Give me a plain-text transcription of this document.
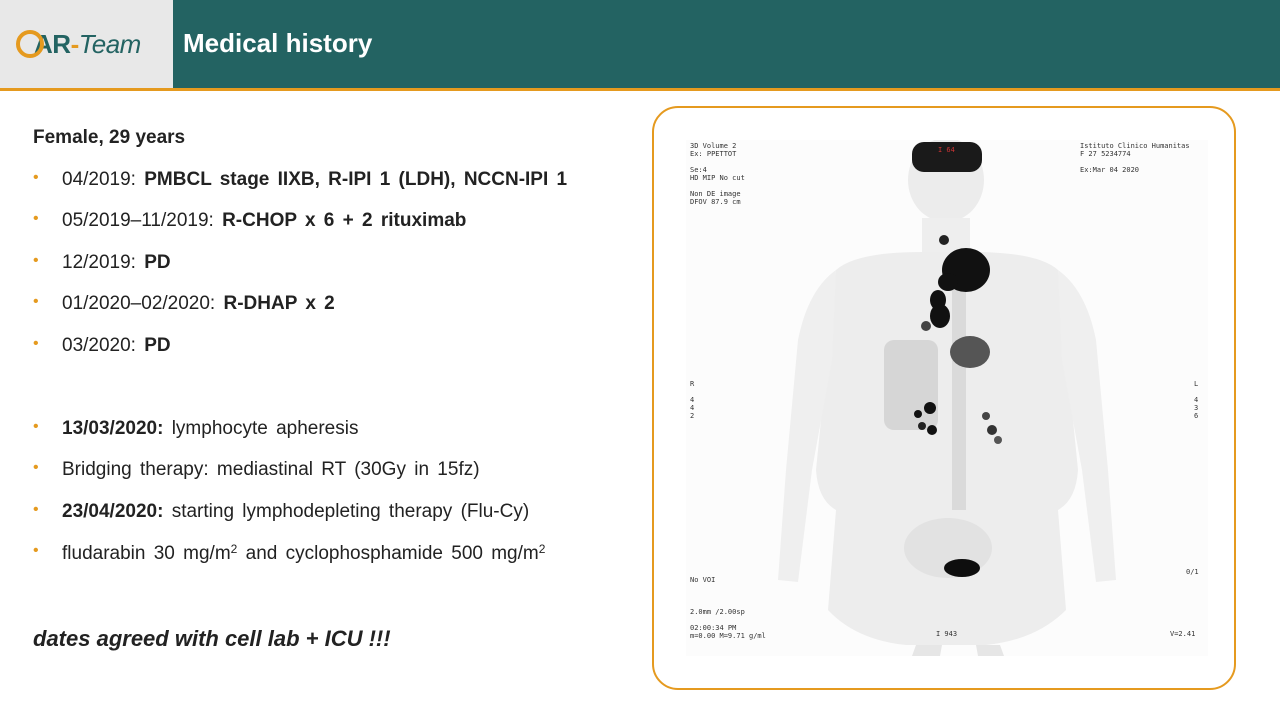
AR - Team Medical history
Female, 29 years
• 04/2019: PMBCL stage IIXB, R-IPI 1 (LDH), NCCN-IPI 1
• 05/2019–11/2019: R-CHOP x 6 + 2 rituximab
• 12/2019: PD
• 01/2020–02/2020: R-DHAP x 2
• 03/2020: PD
• 13/03/2020: lymphocyte apheresis
• Bridging therapy: mediastinal RT (30Gy in 15fz)
• 23/04/2020: starting lymphodepleting therapy (Flu-Cy)
• fludarabin 30 $mg/m^2$ and cyclophosphamide 500 $mg/m^2$
dates agreed with cell lab + ICU !!!
3D Volume 2
Ex: PPETTOT

Se:4
HD MIP No cut

Non DE image
DFOV 87.9 cm
I 64	Istituto Clinico Humanitas
F 27 5234774

Ex:Mar 04 2020
R

4
4
2
L

4
3
6
No VOI

2.0mm /2.00sp

02:00:34 PM
m=0.00 M=9.71 g/ml	I 943
0/1
V=2.41
